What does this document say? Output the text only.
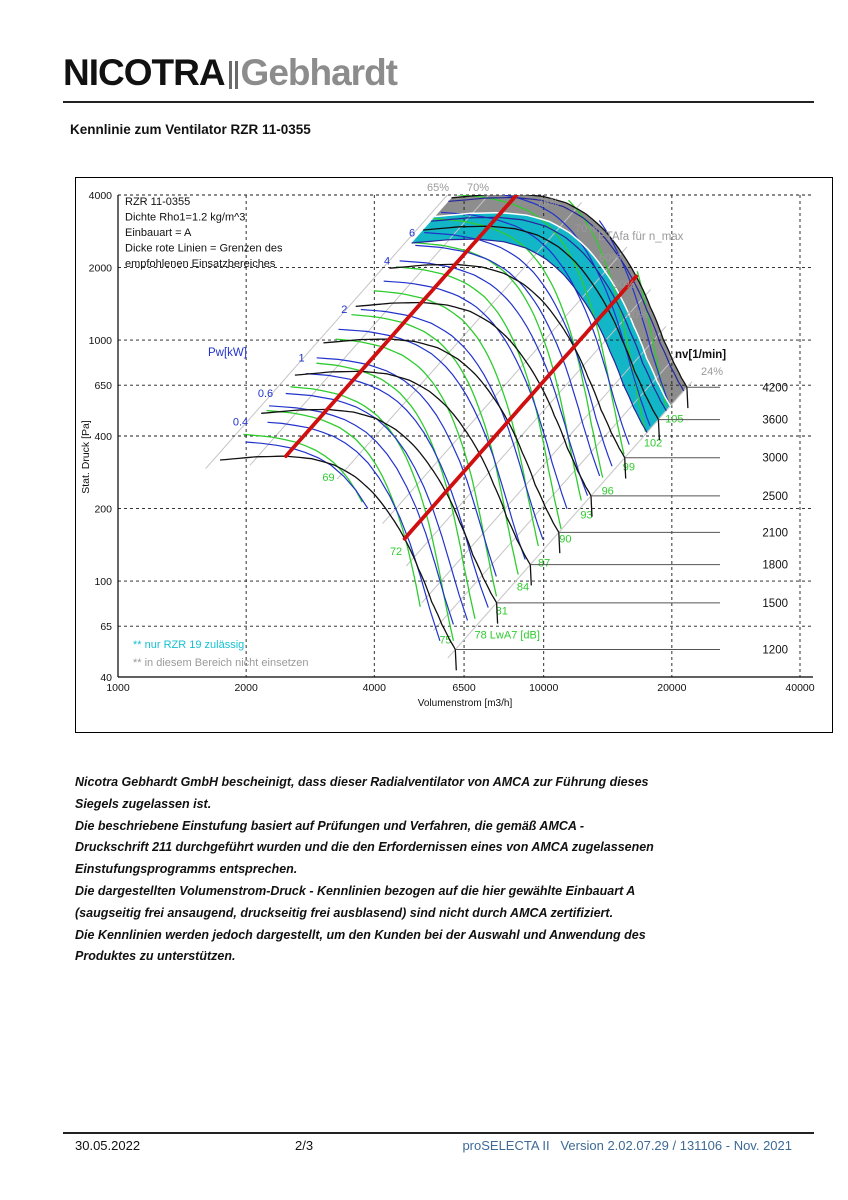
NICOTRA Gebhardt
Kennlinie zum Ventilator RZR 11-0355
69
72
75 78 LwA7 [dB]
81
84
87
90
93
96
99
102
105
0.4
0.6
1
2
4
6
1200
1500
1800
2100
2500
3000
3600
4200
nv[1/min]
65% 70%
76%
70%
60%
50%
40%
24%
ETAfa für n_max
Pw[kW]
RZR 11-0355
Dichte Rho1=1.2 kg/m^3
Einbauart = A
Dicke rote Linien = Grenzen des
empfohlenen Einsatzbereiches
** nur RZR 19 zulässig
** in diesem Bereich nicht einsetzen
40
65
100
200
400
650
1000
2000
4000
1000	2000	4000	6500	10000	20000	40000
Volumenstrom [m3/h]
Stat. Druck [Pa]
Nicotra Gebhardt GmbH bescheinigt, dass dieser Radialventilator von AMCA zur Führung dieses
Siegels zugelassen ist.
Die beschriebene Einstufung basiert auf Prüfungen und Verfahren, die gemäß AMCA -
Druckschrift 211 durchgeführt wurden und die den Erfordernissen eines von AMCA zugelassenen
Einstufungsprogramms entsprechen.
Die dargestellten Volumenstrom-Druck - Kennlinien bezogen auf die hier gewählte Einbauart A
(saugseitig frei ansaugend, druckseitig frei ausblasend) sind nicht durch AMCA zertifiziert.
Die Kennlinien werden jedoch dargestellt, um den Kunden bei der Auswahl und Anwendung des
Produktes zu unterstützen.
30.05.2022	2/3	proSELECTA II Version 2.02.07.29 / 131106 - Nov. 2021
